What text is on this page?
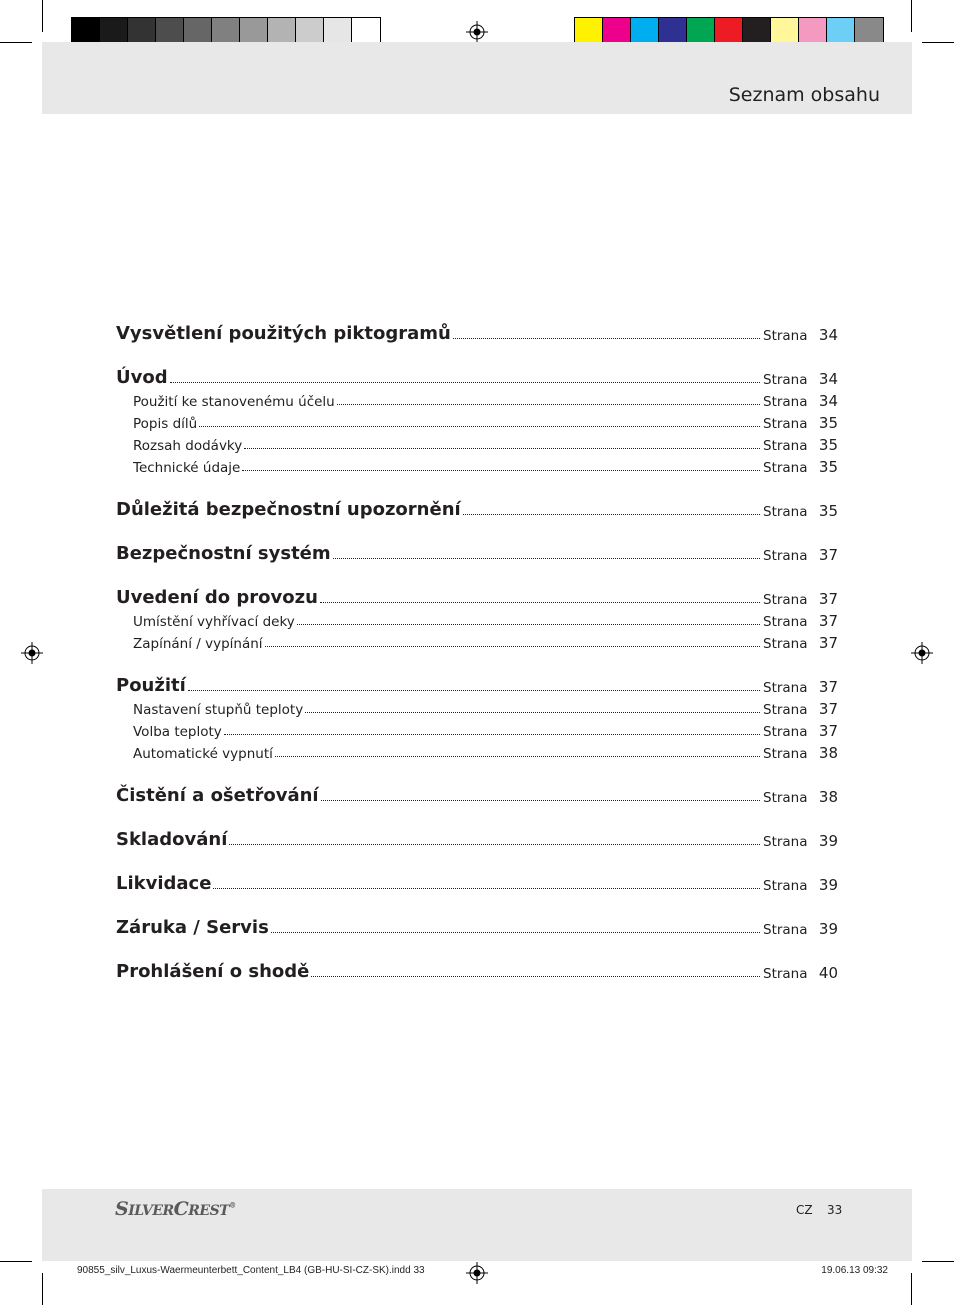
Seznam obsahu
Vysvětlení použitých piktogramů	Strana 34
Úvod	Strana 34
Použití ke stanovenému účelu	Strana 34
Popis dílů	Strana 35
Rozsah dodávky	Strana 35
Technické údaje	Strana 35
Důležitá bezpečnostní upozornění	Strana 35
Bezpečnostní systém	Strana 37
Uvedení do provozu	Strana 37
Umístění vyhřívací deky	Strana 37
Zapínání / vypínání	Strana 37
Použití	Strana 37
Nastavení stupňů teploty	Strana 37
Volba teploty	Strana 37
Automatické vypnutí	Strana 38
Čistění a ošetřování	Strana 38
Skladování	Strana 39
Likvidace	Strana 39
Záruka / Servis	Strana 39
Prohlášení o shodě	Strana 40
SILVERCREST®	CZ 33
90855_silv_Luxus-Waermeunterbett_Content_LB4 (GB-HU-SI-CZ-SK).indd 33	19.06.13 09:32
